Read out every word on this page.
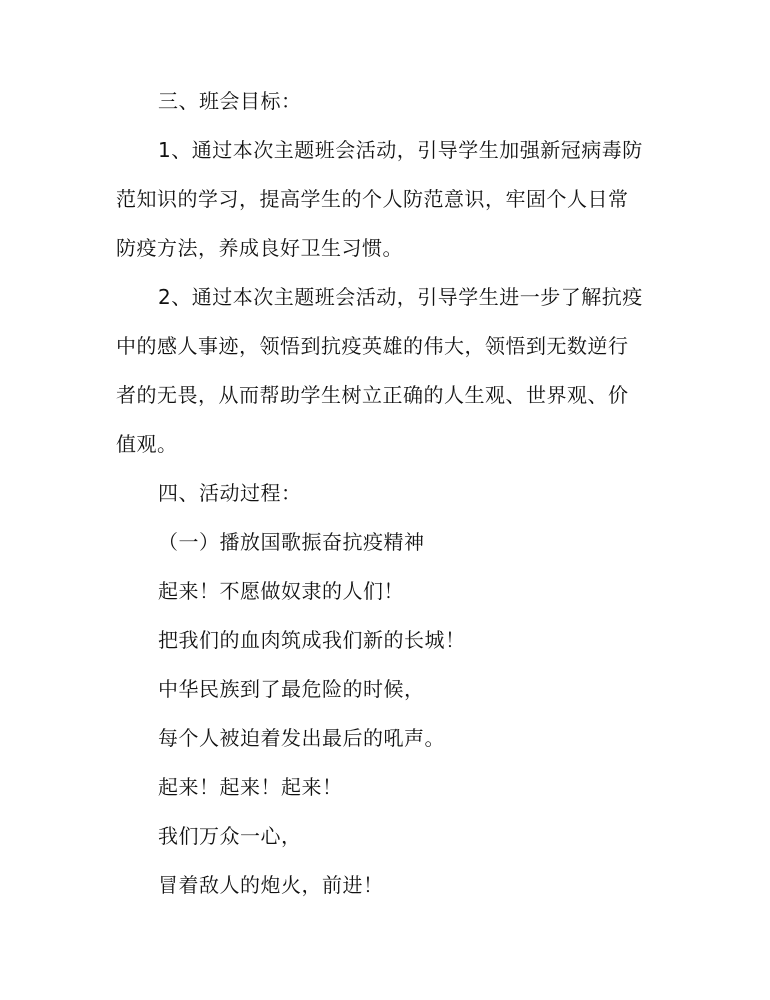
三、班会目标：
1、通过本次主题班会活动，引导学生加强新冠病毒防
范知识的学习，提高学生的个人防范意识，牢固个人日常
防疫方法，养成良好卫生习惯。
2、通过本次主题班会活动，引导学生进一步了解抗疫
中的感人事迹，领悟到抗疫英雄的伟大，领悟到无数逆行
者的无畏，从而帮助学生树立正确的人生观、世界观、价
值观。
四、活动过程：
（一）播放国歌振奋抗疫精神
起来！不愿做奴隶的人们！
把我们的血肉筑成我们新的长城！
中华民族到了最危险的时候，
每个人被迫着发出最后的吼声。
起来！起来！起来！
我们万众一心，
冒着敌人的炮火，前进！
